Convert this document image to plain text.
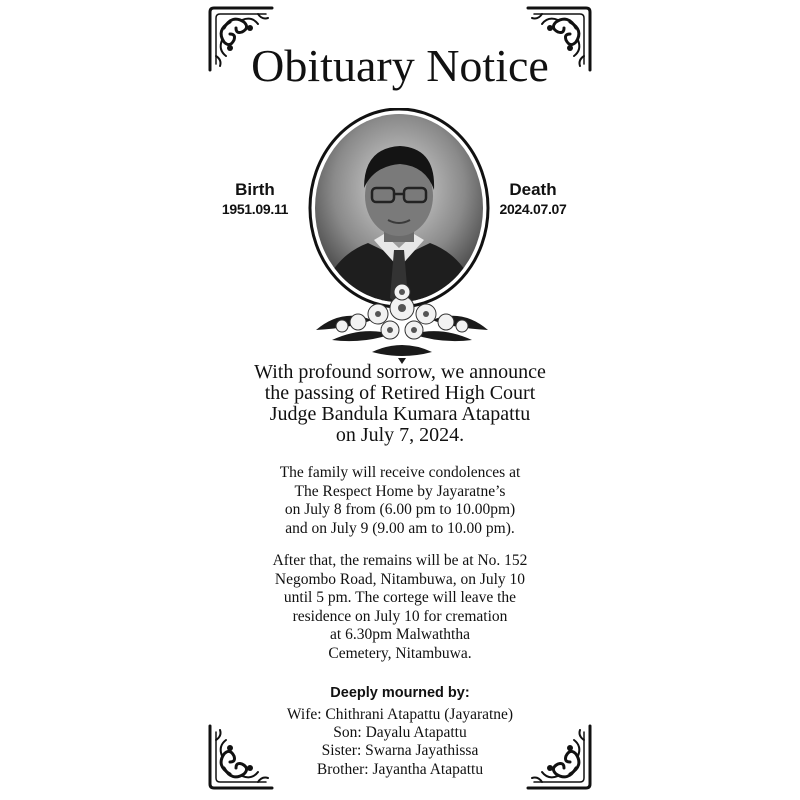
Obituary Notice
Birth
1951.09.11
Death
2024.07.07
With profound sorrow, we announce
the passing of Retired High Court
Judge Bandula Kumara Atapattu
on July 7, 2024.
The family will receive condolences at
The Respect Home by Jayaratne’s
on July 8 from (6.00 pm to 10.00pm)
and on July 9 (9.00 am to 10.00 pm).
After that, the remains will be at No. 152
Negombo Road, Nitambuwa, on July 10
until 5 pm. The cortege will leave the
residence on July 10 for cremation
at 6.30pm Malwaththa
Cemetery, Nitambuwa.
Deeply mourned by:
Wife: Chithrani Atapattu (Jayaratne)
Son: Dayalu Atapattu
Sister: Swarna Jayathissa
Brother: Jayantha Atapattu
